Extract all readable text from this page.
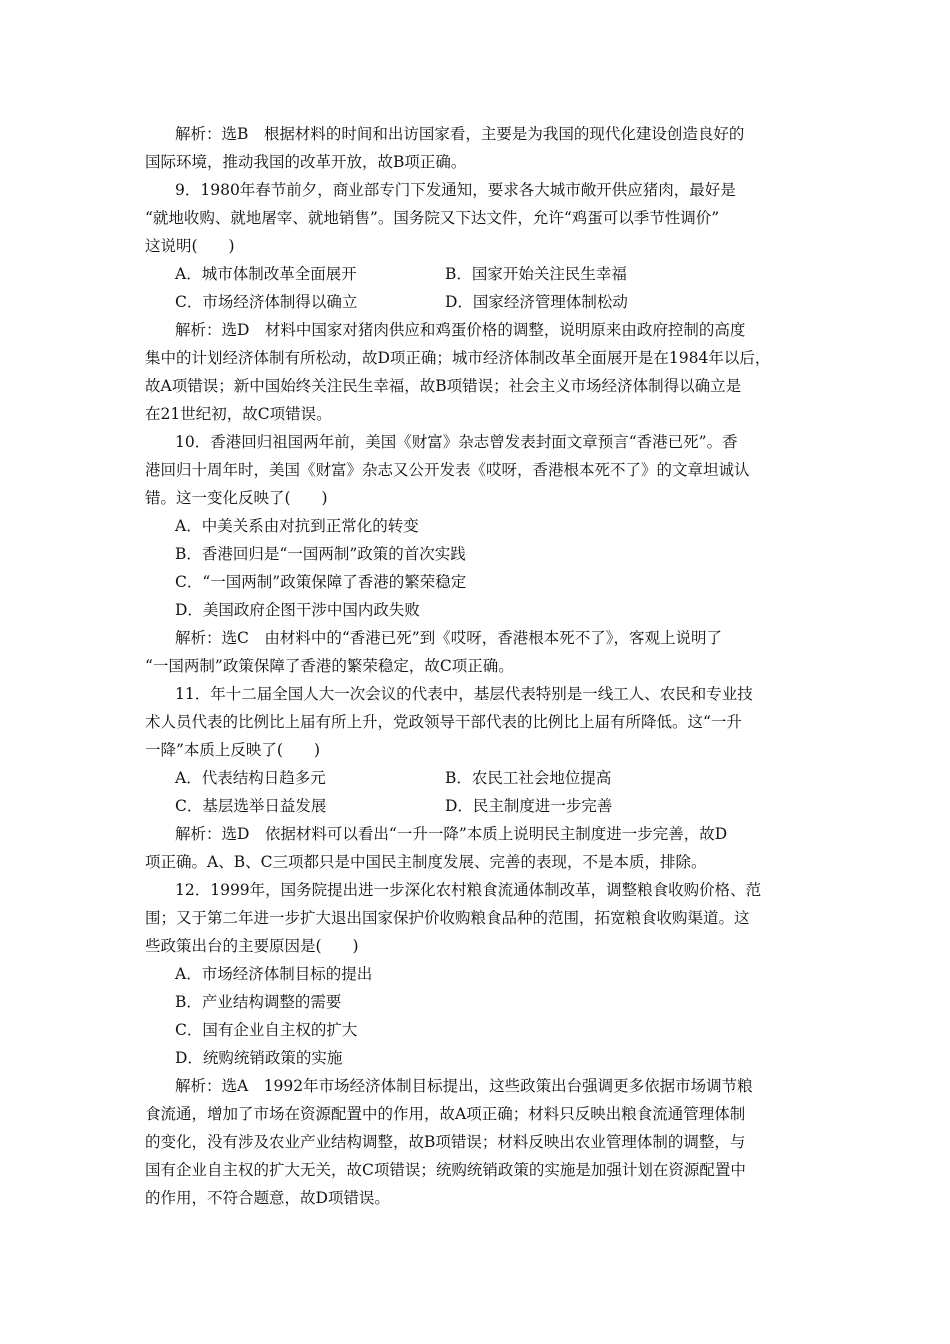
解析：选B　根据材料的时间和出访国家看，主要是为我国的现代化建设创造良好的
国际环境，推动我国的改革开放，故B项正确。
9．1980年春节前夕，商业部专门下发通知，要求各大城市敞开供应猪肉，最好是
“就地收购、就地屠宰、就地销售”。国务院又下达文件，允许“鸡蛋可以季节性调价”
这说明(　　)
A．城市体制改革全面展开	B．国家开始关注民生幸福
C．市场经济体制得以确立	D．国家经济管理体制松动
解析：选D　材料中国家对猪肉供应和鸡蛋价格的调整，说明原来由政府控制的高度
集中的计划经济体制有所松动，故D项正确；城市经济体制改革全面展开是在1984年以后，
故A项错误；新中国始终关注民生幸福，故B项错误；社会主义市场经济体制得以确立是
在21世纪初，故C项错误。
10．香港回归祖国两年前，美国《财富》杂志曾发表封面文章预言“香港已死”。香
港回归十周年时，美国《财富》杂志又公开发表《哎呀，香港根本死不了》的文章坦诚认
错。这一变化反映了(　　)
A．中美关系由对抗到正常化的转变
B．香港回归是“一国两制”政策的首次实践
C．“一国两制”政策保障了香港的繁荣稳定
D．美国政府企图干涉中国内政失败
解析：选C　由材料中的“香港已死”到《哎呀，香港根本死不了》，客观上说明了
“一国两制”政策保障了香港的繁荣稳定，故C项正确。
11．年十二届全国人大一次会议的代表中，基层代表特别是一线工人、农民和专业技
术人员代表的比例比上届有所上升，党政领导干部代表的比例比上届有所降低。这“一升
一降”本质上反映了(　　)
A．代表结构日趋多元	B．农民工社会地位提高
C．基层选举日益发展	D．民主制度进一步完善
解析：选D　依据材料可以看出“一升一降”本质上说明民主制度进一步完善，故D
项正确。A、B、C三项都只是中国民主制度发展、完善的表现，不是本质，排除。
12．1999年，国务院提出进一步深化农村粮食流通体制改革，调整粮食收购价格、范
围；又于第二年进一步扩大退出国家保护价收购粮食品种的范围，拓宽粮食收购渠道。这
些政策出台的主要原因是(　　)
A．市场经济体制目标的提出
B．产业结构调整的需要
C．国有企业自主权的扩大
D．统购统销政策的实施
解析：选A　1992年市场经济体制目标提出，这些政策出台强调更多依据市场调节粮
食流通，增加了市场在资源配置中的作用，故A项正确；材料只反映出粮食流通管理体制
的变化，没有涉及农业产业结构调整，故B项错误；材料反映出农业管理体制的调整，与
国有企业自主权的扩大无关，故C项错误；统购统销政策的实施是加强计划在资源配置中
的作用，不符合题意，故D项错误。
